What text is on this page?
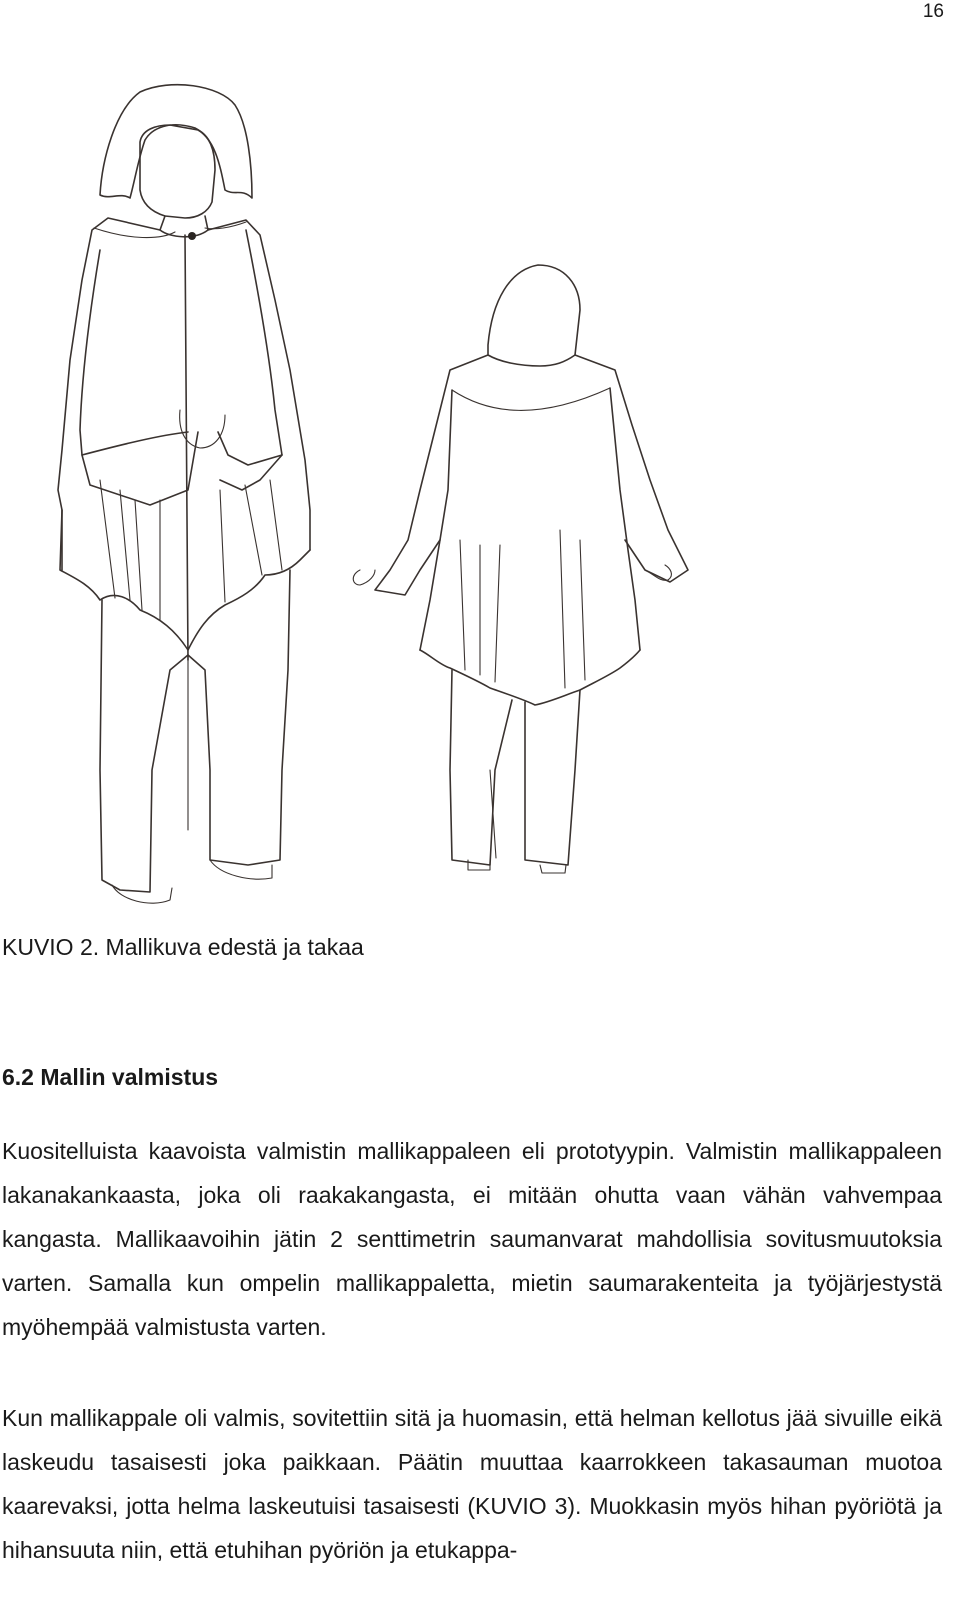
16
KUVIO 2. Mallikuva edestä ja takaa
6.2 Mallin valmistus

Kuositelluista kaavoista valmistin mallikappaleen eli prototyypin. Valmistin mallikappaleen lakanakankaasta, joka oli raakakangasta, ei mitään ohutta vaan vähän vahvempaa kangasta. Mallikaavoihin jätin 2 senttimetrin saumanvarat mahdollisia sovitusmuutoksia varten. Samalla kun ompelin mallikappaletta, mietin saumarakenteita ja työjärjestystä myöhempää valmistusta varten.

Kun mallikappale oli valmis, sovitettiin sitä ja huomasin, että helman kellotus jää sivuille eikä laskeudu tasaisesti joka paikkaan. Päätin muuttaa kaarrokkeen takasauman muotoa kaarevaksi, jotta helma laskeutuisi tasaisesti (KUVIO 3). Muokkasin myös hihan pyöriötä ja hihansuuta niin, että etuhihan pyöriön ja etukappa-
